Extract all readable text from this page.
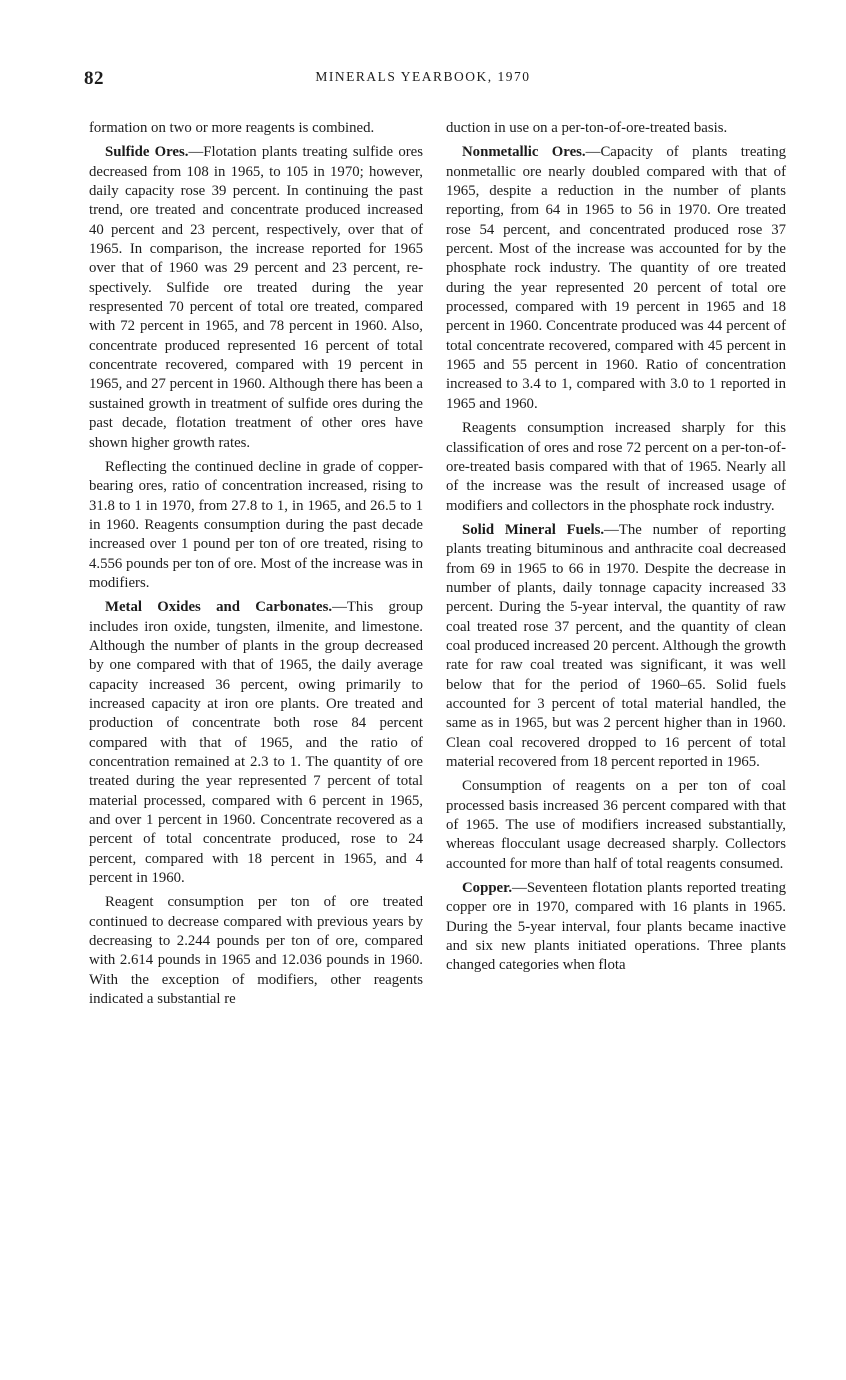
82	MINERALS YEARBOOK, 1970

formation on two or more reagents is combined.

Sulfide Ores.—Flotation plants treating sulfide ores decreased from 108 in 1965, to 105 in 1970; however, daily capacity rose 39 percent. In continuing the past trend, ore treated and concentrate produced increased 40 percent and 23 percent, respectively, over that of 1965. In comparison, the increase reported for 1965 over that of 1960 was 29 percent and 23 percent, respectively. Sulfide ore treated during the year respresented 70 percent of total ore treated, compared with 72 percent in 1965, and 78 percent in 1960. Also, concentrate produced represented 16 percent of total concentrate recovered, compared with 19 percent in 1965, and 27 percent in 1960. Although there has been a sustained growth in treatment of sulfide ores during the past decade, flotation treatment of other ores have shown higher growth rates.

Reflecting the continued decline in grade of copper-bearing ores, ratio of concentration increased, rising to 31.8 to 1 in 1970, from 27.8 to 1, in 1965, and 26.5 to 1 in 1960. Reagents consumption during the past decade increased over 1 pound per ton of ore treated, rising to 4.556 pounds per ton of ore. Most of the increase was in modifiers.

Metal Oxides and Carbonates.—This group includes iron oxide, tungsten, ilmenite, and limestone. Although the number of plants in the group decreased by one compared with that of 1965, the daily average capacity increased 36 percent, owing primarily to increased capacity at iron ore plants. Ore treated and production of concentrate both rose 84 percent compared with that of 1965, and the ratio of concentration remained at 2.3 to 1. The quantity of ore treated during the year represented 7 percent of total material processed, compared with 6 percent in 1965, and over 1 percent in 1960. Concentrate recovered as a percent of total concentrate produced, rose to 24 percent, compared with 18 percent in 1965, and 4 percent in 1960.

Reagent consumption per ton of ore treated continued to decrease compared with previous years by decreasing to 2.244 pounds per ton of ore, compared with 2.614 pounds in 1965 and 12.036 pounds in 1960. With the exception of modifiers, other reagents indicated a substantial re

duction in use on a per-ton-of-ore-treated basis.

Nonmetallic Ores.—Capacity of plants treating nonmetallic ore nearly doubled compared with that of 1965, despite a reduction in the number of plants reporting, from 64 in 1965 to 56 in 1970. Ore treated rose 54 percent, and concentrated produced rose 37 percent. Most of the increase was accounted for by the phosphate rock industry. The quantity of ore treated during the year represented 20 percent of total ore processed, compared with 19 percent in 1965 and 18 percent in 1960. Concentrate produced was 44 percent of total concentrate recovered, compared with 45 percent in 1965 and 55 percent in 1960. Ratio of concentration increased to 3.4 to 1, compared with 3.0 to 1 reported in 1965 and 1960.

Reagents consumption increased sharply for this classification of ores and rose 72 percent on a per-ton-of-ore-treated basis compared with that of 1965. Nearly all of the increase was the result of increased usage of modifiers and collectors in the phosphate rock industry.

Solid Mineral Fuels.—The number of reporting plants treating bituminous and anthracite coal decreased from 69 in 1965 to 66 in 1970. Despite the decrease in number of plants, daily tonnage capacity increased 33 percent. During the 5-year interval, the quantity of raw coal treated rose 37 percent, and the quantity of clean coal produced increased 20 percent. Although the growth rate for raw coal treated was significant, it was well below that for the period of 1960–65. Solid fuels accounted for 3 percent of total material handled, the same as in 1965, but was 2 percent higher than in 1960. Clean coal recovered dropped to 16 percent of total material recovered from 18 percent reported in 1965.

Consumption of reagents on a per ton of coal processed basis increased 36 percent compared with that of 1965. The use of modifiers increased substantially, whereas flocculant usage decreased sharply. Collectors accounted for more than half of total reagents consumed.

Copper.—Seventeen flotation plants reported treating copper ore in 1970, compared with 16 plants in 1965. During the 5-year interval, four plants became inactive and six new plants initiated operations. Three plants changed categories when flota
